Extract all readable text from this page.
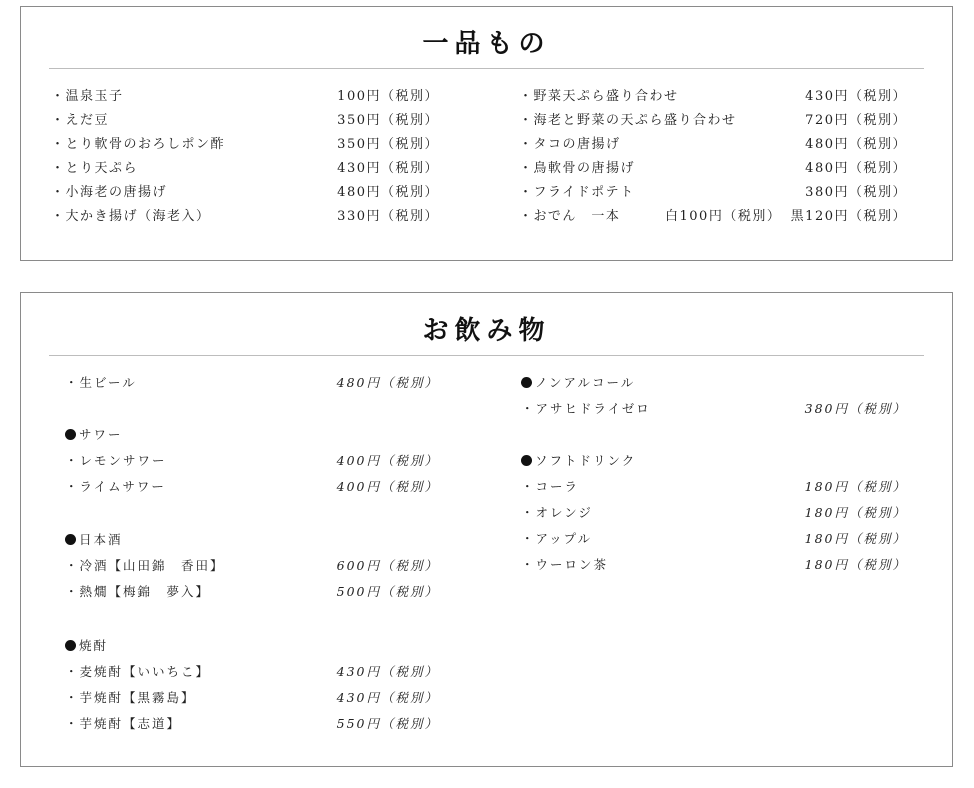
一品もの
・温泉玉子	100円（税別）
・えだ豆	350円（税別）
・とり軟骨のおろしポン酢	350円（税別）
・とり天ぷら	430円（税別）
・小海老の唐揚げ	480円（税別）
・大かき揚げ（海老入）	330円（税別）
・野菜天ぷら盛り合わせ	430円（税別）
・海老と野菜の天ぷら盛り合わせ	720円（税別）
・タコの唐揚げ	480円（税別）
・鳥軟骨の唐揚げ	480円（税別）
・フライドポテト	380円（税別）
・おでん　一本	白100円（税別） 黒120円（税別）
お飲み物
・生ビール	480円（税別）
サワー
・レモンサワー	400円（税別）
・ライムサワー	400円（税別）
日本酒
・冷酒【山田錦　香田】	600円（税別）
・熱燗【梅錦　夢入】	500円（税別）
焼酎
・麦焼酎【いいちこ】	430円（税別）
・芋焼酎【黒霧島】	430円（税別）
・芋焼酎【志道】	550円（税別）
ノンアルコール
・アサヒドライゼロ	380円（税別）
ソフトドリンク
・コーラ	180円（税別）
・オレンジ	180円（税別）
・アップル	180円（税別）
・ウーロン茶	180円（税別）
